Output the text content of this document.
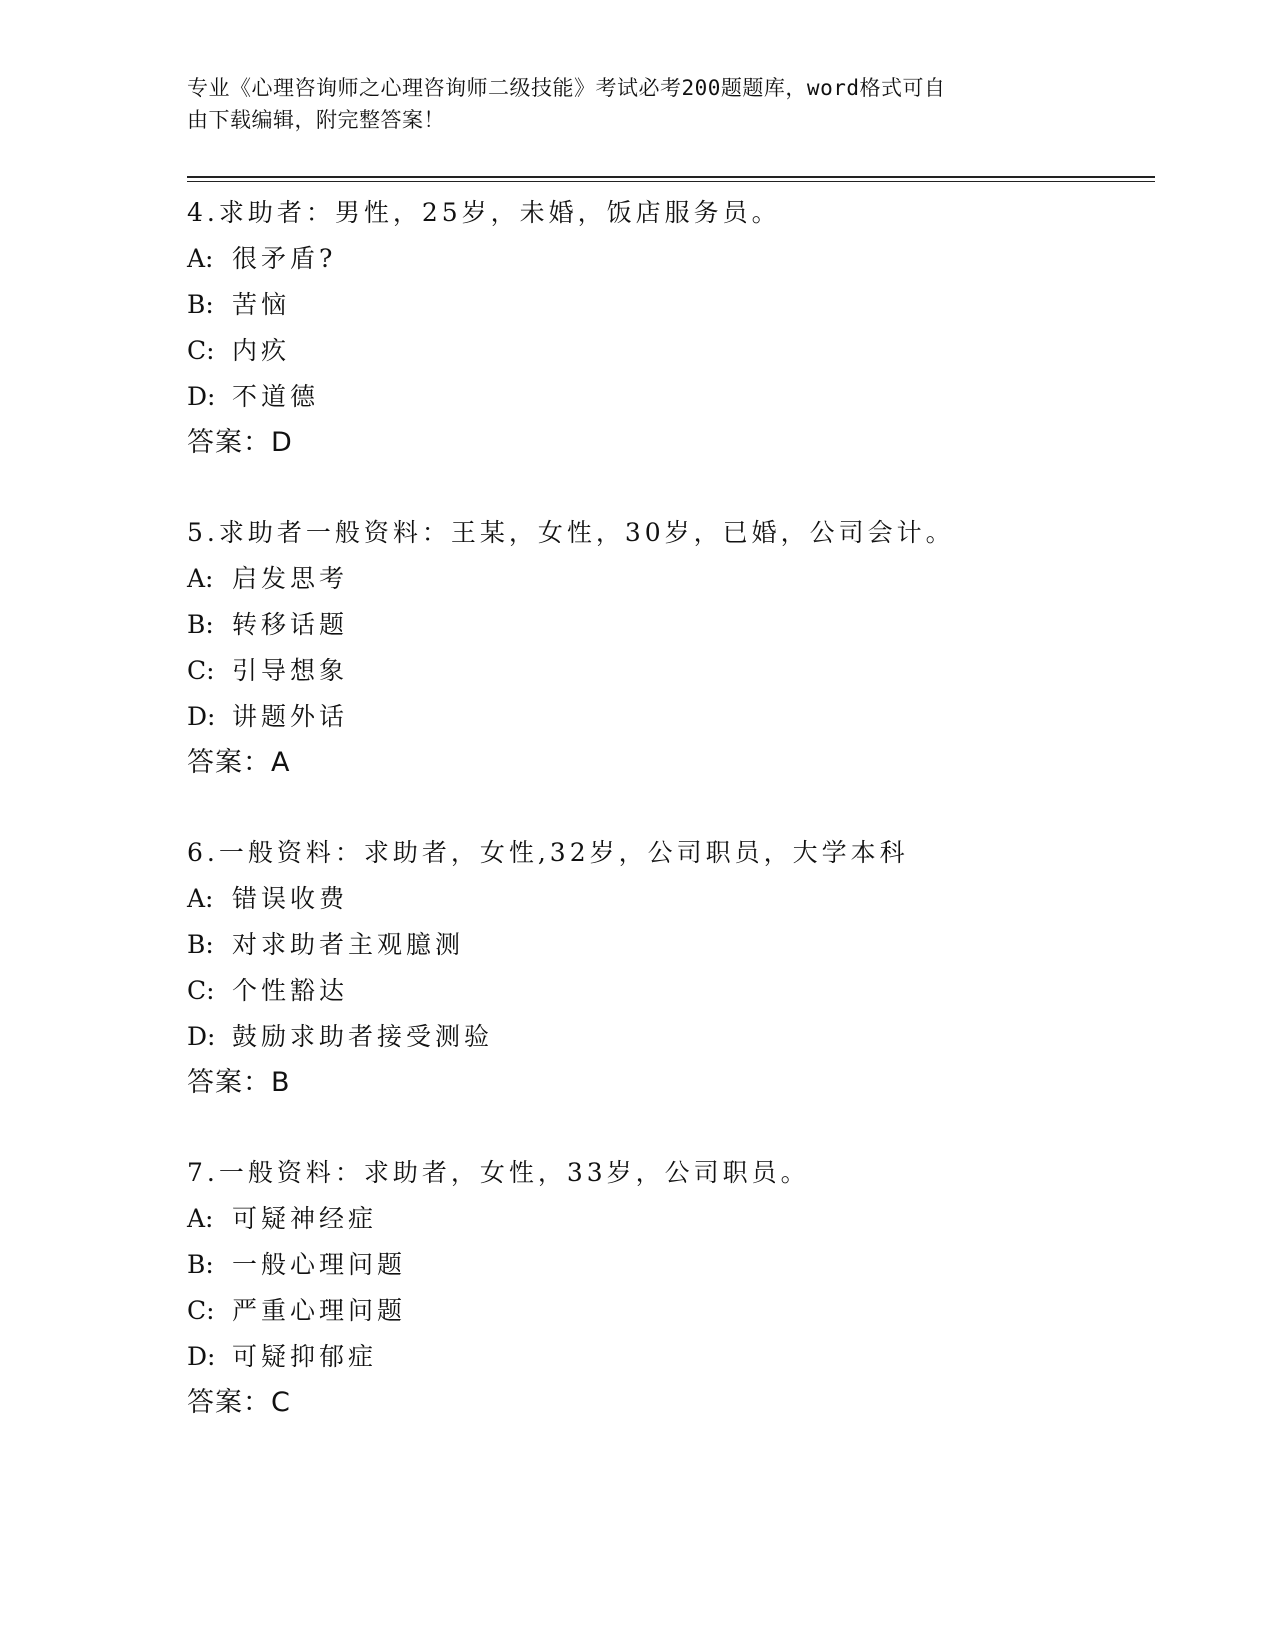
专业《心理咨询师之心理咨询师二级技能》考试必考200题题库，word格式可自
由下载编辑，附完整答案！
4.求助者：男性，25岁，未婚，饭店服务员。
A: 很矛盾?
B: 苦恼
C: 内疚
D: 不道德
答案：D
5.求助者一般资料：王某，女性，30岁，已婚，公司会计。
A: 启发思考
B: 转移话题
C: 引导想象
D: 讲题外话
答案：A
6.一般资料：求助者，女性,32岁，公司职员，大学本科
A: 错误收费
B: 对求助者主观臆测
C: 个性豁达
D: 鼓励求助者接受测验
答案：B
7.一般资料：求助者，女性，33岁，公司职员。
A: 可疑神经症
B: 一般心理问题
C: 严重心理问题
D: 可疑抑郁症
答案：C
